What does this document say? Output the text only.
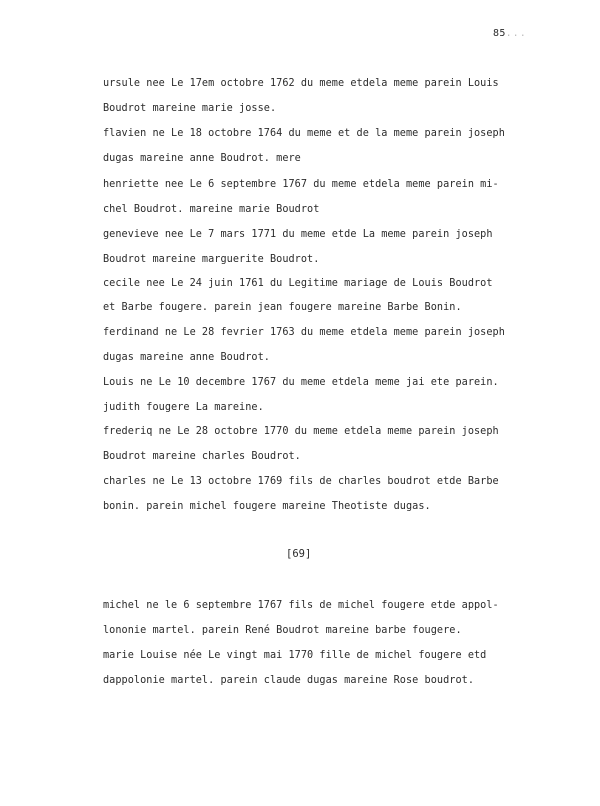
85...
ursule nee Le 17em octobre 1762 du meme etdela meme parein Louis
Boudrot mareine marie josse.
flavien ne Le 18 octobre 1764 du meme et de la meme parein joseph
dugas mareine anne Boudrot. mere
henriette nee Le 6 septembre 1767 du meme etdela meme parein mi-
chel Boudrot. mareine marie Boudrot
genevieve nee Le 7 mars 1771 du meme etde La meme parein joseph
Boudrot mareine marguerite Boudrot.
cecile nee Le 24 juin 1761 du Legitime mariage de Louis Boudrot
et Barbe fougere. parein jean fougere mareine Barbe Bonin.
ferdinand ne Le 28 fevrier 1763 du meme etdela meme parein joseph
dugas mareine anne Boudrot.
Louis ne Le 10 decembre 1767 du meme etdela meme jai ete parein.
judith fougere La mareine.
frederiq ne Le 28 octobre 1770 du meme etdela meme parein joseph
Boudrot mareine charles Boudrot.
charles ne Le 13 octobre 1769 fils de charles boudrot etde Barbe
bonin. parein michel fougere mareine Theotiste dugas.
[69]
michel ne le 6 septembre 1767 fils de michel fougere etde appol-
lononie martel. parein René Boudrot mareine barbe fougere.
marie Louise née Le vingt mai 1770 fille de michel fougere etd
dappolonie martel. parein claude dugas mareine Rose boudrot.
